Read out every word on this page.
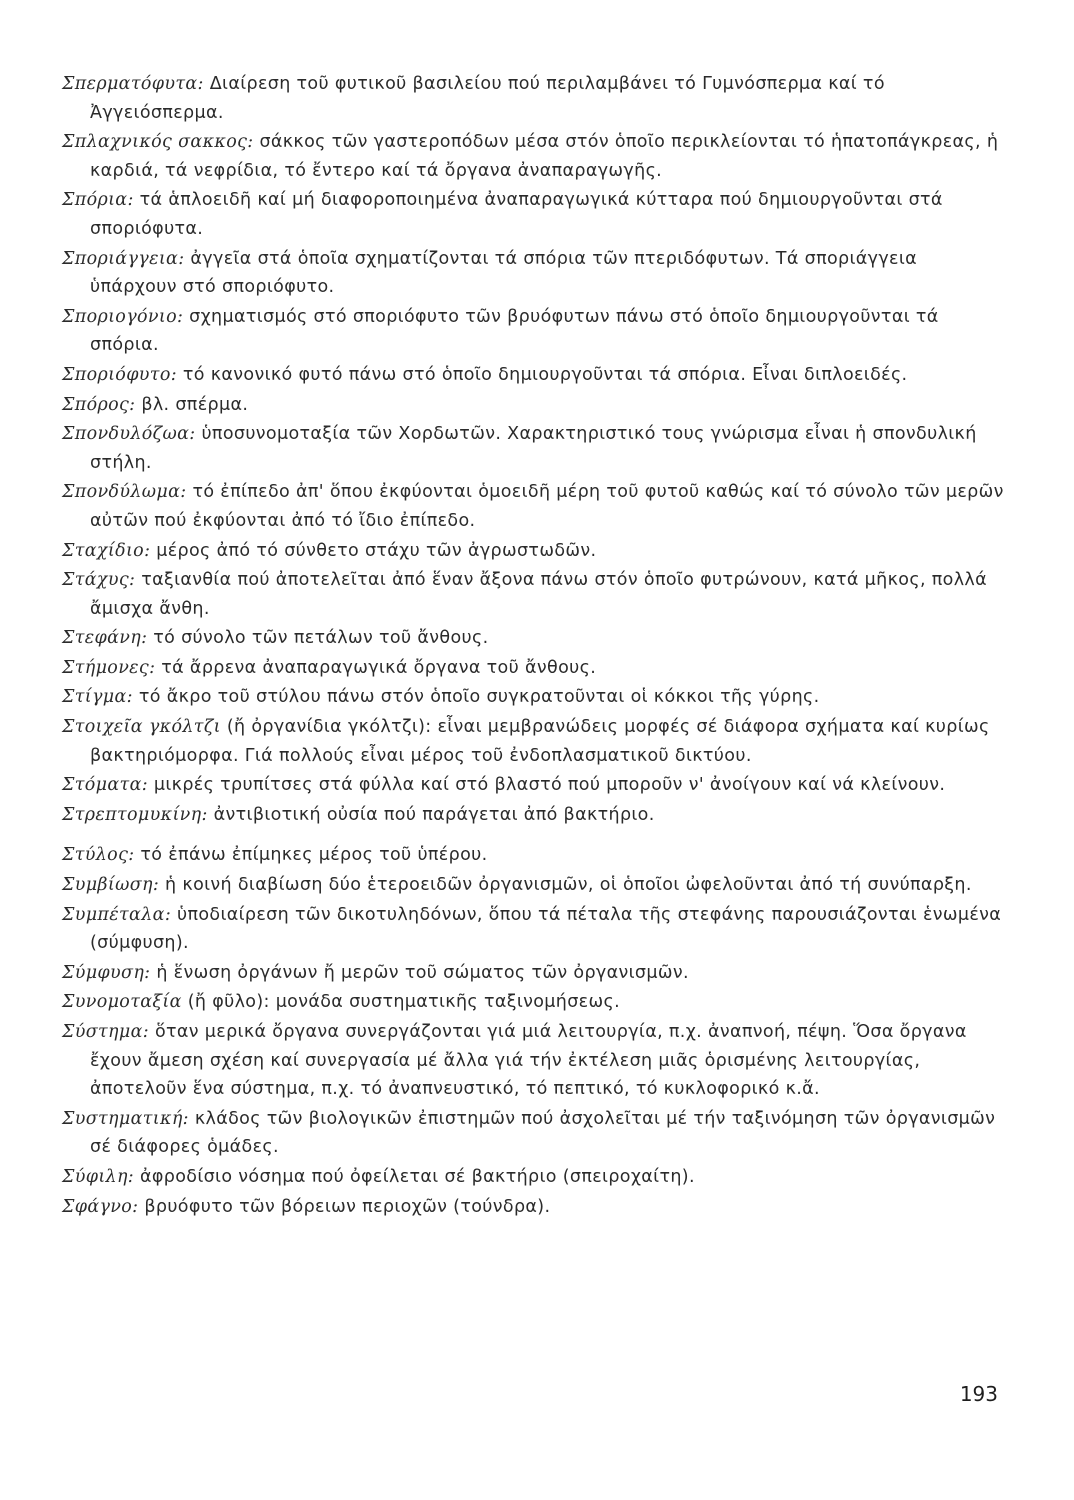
Σπερματόφυτα: Διαίρεση τοῦ φυτικοῦ βασιλείου πού περιλαμβάνει τό Γυμνόσπερμα καί τό Ἀγγειόσπερμα.

Σπλαχνικός σακκος: σάκκος τῶν γαστεροπόδων μέσα στόν ὁποῖο περικλείονται τό ἡπατοπάγκρεας, ἡ καρδιά, τά νεφρίδια, τό ἔντερο καί τά ὄργανα ἀναπαραγωγῆς.

Σπόρια: τά ἁπλοειδῆ καί μή διαφοροποιημένα ἀναπαραγωγικά κύτταρα πού δημιουργοῦνται στά σποριόφυτα.

Σποριάγγεια: ἀγγεῖα στά ὁποῖα σχηματίζονται τά σπόρια τῶν πτεριδόφυτων. Τά σποριάγγεια ὑπάρχουν στό σποριόφυτο.

Σποριογόνιο: σχηματισμός στό σποριόφυτο τῶν βρυόφυτων πάνω στό ὁποῖο δημιουργοῦνται τά σπόρια.

Σποριόφυτο: τό κανονικό φυτό πάνω στό ὁποῖο δημιουργοῦνται τά σπόρια. Εἶναι διπλοειδές.

Σπόρος: βλ. σπέρμα.

Σπονδυλόζωα: ὑποσυνομοταξία τῶν Χορδωτῶν. Χαρακτηριστικό τους γνώρισμα εἶναι ἡ σπονδυλική στήλη.

Σπονδύλωμα: τό ἐπίπεδο ἀπ' ὅπου ἐκφύονται ὁμοειδῆ μέρη τοῦ φυτοῦ καθώς καί τό σύνολο τῶν μερῶν αὐτῶν πού ἐκφύονται ἀπό τό ἴδιο ἐπίπεδο.

Σταχίδιο: μέρος ἀπό τό σύνθετο στάχυ τῶν ἀγρωστωδῶν.

Στάχυς: ταξιανθία πού ἀποτελεῖται ἀπό ἕναν ἄξονα πάνω στόν ὁποῖο φυτρώνουν, κατά μῆκος, πολλά ἄμισχα ἄνθη.

Στεφάνη: τό σύνολο τῶν πετάλων τοῦ ἄνθους.

Στήμονες: τά ἄρρενα ἀναπαραγωγικά ὄργανα τοῦ ἄνθους.

Στίγμα: τό ἄκρο τοῦ στύλου πάνω στόν ὁποῖο συγκρατοῦνται οἱ κόκκοι τῆς γύρης.

Στοιχεῖα γκόλτζι (ἤ ὀργανίδια γκόλτζι): εἶναι μεμβρανώδεις μορφές σέ διάφορα σχήματα καί κυρίως βακτηριόμορφα. Γιά πολλούς εἶναι μέρος τοῦ ἐνδοπλασματικοῦ δικτύου.

Στόματα: μικρές τρυπίτσες στά φύλλα καί στό βλαστό πού μποροῦν ν' ἀνοίγουν καί νά κλείνουν.

Στρεπτομυκίνη: ἀντιβιοτική οὐσία πού παράγεται ἀπό βακτήριο.

Στύλος: τό ἐπάνω ἐπίμηκες μέρος τοῦ ὑπέρου.

Συμβίωση: ἡ κοινή διαβίωση δύο ἑτεροειδῶν ὀργανισμῶν, οἱ ὁποῖοι ὠφελοῦνται ἀπό τή συνύπαρξη.

Συμπέταλα: ὑποδιαίρεση τῶν δικοτυληδόνων, ὅπου τά πέταλα τῆς στεφάνης παρουσιάζονται ἑνωμένα (σύμφυση).

Σύμφυση: ἡ ἕνωση ὀργάνων ἤ μερῶν τοῦ σώματος τῶν ὀργανισμῶν.

Συνομοταξία (ἤ φῦλο): μονάδα συστηματικῆς ταξινομήσεως.

Σύστημα: ὅταν μερικά ὄργανα συνεργάζονται γιά μιά λειτουργία, π.χ. ἀναπνοή, πέψη. Ὅσα ὄργανα ἔχουν ἄμεση σχέση καί συνεργασία μέ ἄλλα γιά τήν ἐκτέλεση μιᾶς ὁρισμένης λειτουργίας, ἀποτελοῦν ἕνα σύστημα, π.χ. τό ἀναπνευστικό, τό πεπτικό, τό κυκλοφορικό κ.ἄ.

Συστηματική: κλάδος τῶν βιολογικῶν ἐπιστημῶν πού ἀσχολεῖται μέ τήν ταξινόμηση τῶν ὀργανισμῶν σέ διάφορες ὁμάδες.

Σύφιλη: ἀφροδίσιο νόσημα πού ὀφείλεται σέ βακτήριο (σπειροχαίτη).

Σφάγνο: βρυόφυτο τῶν βόρειων περιοχῶν (τούνδρα).

193
